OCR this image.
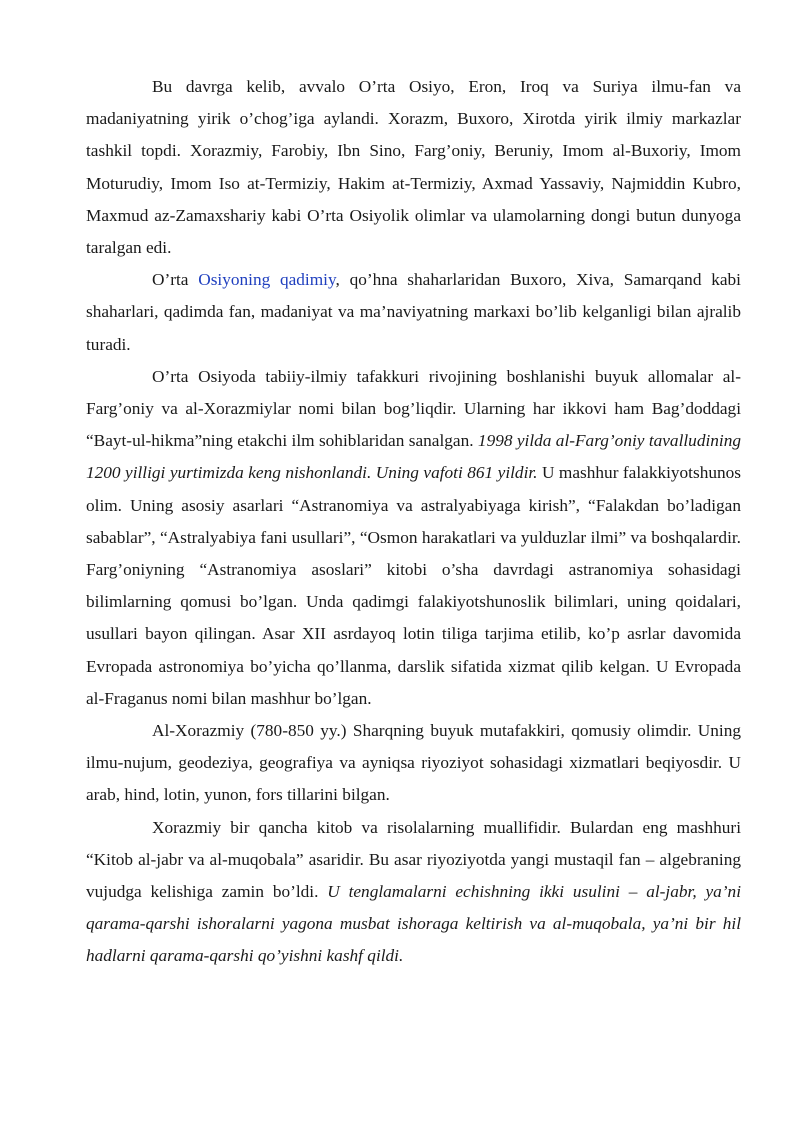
Bu davrga kelib, avvalo O’rta Osiyo, Eron, Iroq va Suriya ilmu-fan va madaniyatning yirik o’chog’iga aylandi. Xorazm, Buxoro, Xirotda yirik ilmiy markazlar tashkil topdi. Xorazmiy, Farobiy, Ibn Sino, Farg’oniy, Beruniy, Imom al-Buxoriy, Imom Moturudiy, Imom Iso at-Termiziy, Hakim at-Termiziy, Axmad Yassaviy, Najmiddin Kubro, Maxmud az-Zamaxshariy kabi O’rta Osiyolik olimlar va ulamolarning dongi butun dunyoga taralgan edi.

O’rta Osiyoning qadimiy, qo’hna shaharlaridan Buxoro, Xiva, Samarqand kabi shaharlari, qadimda fan, madaniyat va ma’naviyatning markaxi bo’lib kelganligi bilan ajralib turadi.

O’rta Osiyoda tabiiy-ilmiy tafakkuri rivojining boshlanishi buyuk allomalar al-Farg’oniy va al-Xorazmiylar nomi bilan bog’liqdir. Ularning har ikkovi ham Bag’doddagi “Bayt-ul-hikma”ning etakchi ilm sohiblaridan sanalgan. 1998 yilda al-Farg’oniy tavalludining 1200 yilligi yurtimizda keng nishonlandi. Uning vafoti 861 yildir. U mashhur falakkiyotshunos olim. Uning asosiy asarlari “Astranomiya va astralyabiyaga kirish”, “Falakdan bo’ladigan sabablar”, “Astralyabiya fani usullari”, “Osmon harakatlari va yulduzlar ilmi” va boshqalardir. Farg’oniyning “Astranomiya asoslari” kitobi o’sha davrdagi astranomiya sohasidagi bilimlarning qomusi bo’lgan. Unda qadimgi falakiyotshunoslik bilimlari, uning qoidalari, usullari bayon qilingan. Asar XII asrdayoq lotin tiliga tarjima etilib, ko’p asrlar davomida Evropada astronomiya bo’yicha qo’llanma, darslik sifatida xizmat qilib kelgan. U Evropada al-Fraganus nomi bilan mashhur bo’lgan.

Al-Xorazmiy (780-850 yy.) Sharqning buyuk mutafakkiri, qomusiy olimdir. Uning ilmu-nujum, geodeziya, geografiya va ayniqsa riyoziyot sohasidagi xizmatlari beqiyosdir. U arab, hind, lotin, yunon, fors tillarini bilgan.

Xorazmiy bir qancha kitob va risolalarning muallifidir. Bulardan eng mashhuri “Kitob al-jabr va al-muqobala” asaridir. Bu asar riyoziyotda yangi mustaqil fan – algebraning vujudga kelishiga zamin bo’ldi. U tenglamalarni echishning ikki usulini – al-jabr, ya’ni qarama-qarshi ishoralarni yagona musbat ishoraga keltirish va al-muqobala, ya’ni bir hil hadlarni qarama-qarshi qo’yishni kashf qildi.
